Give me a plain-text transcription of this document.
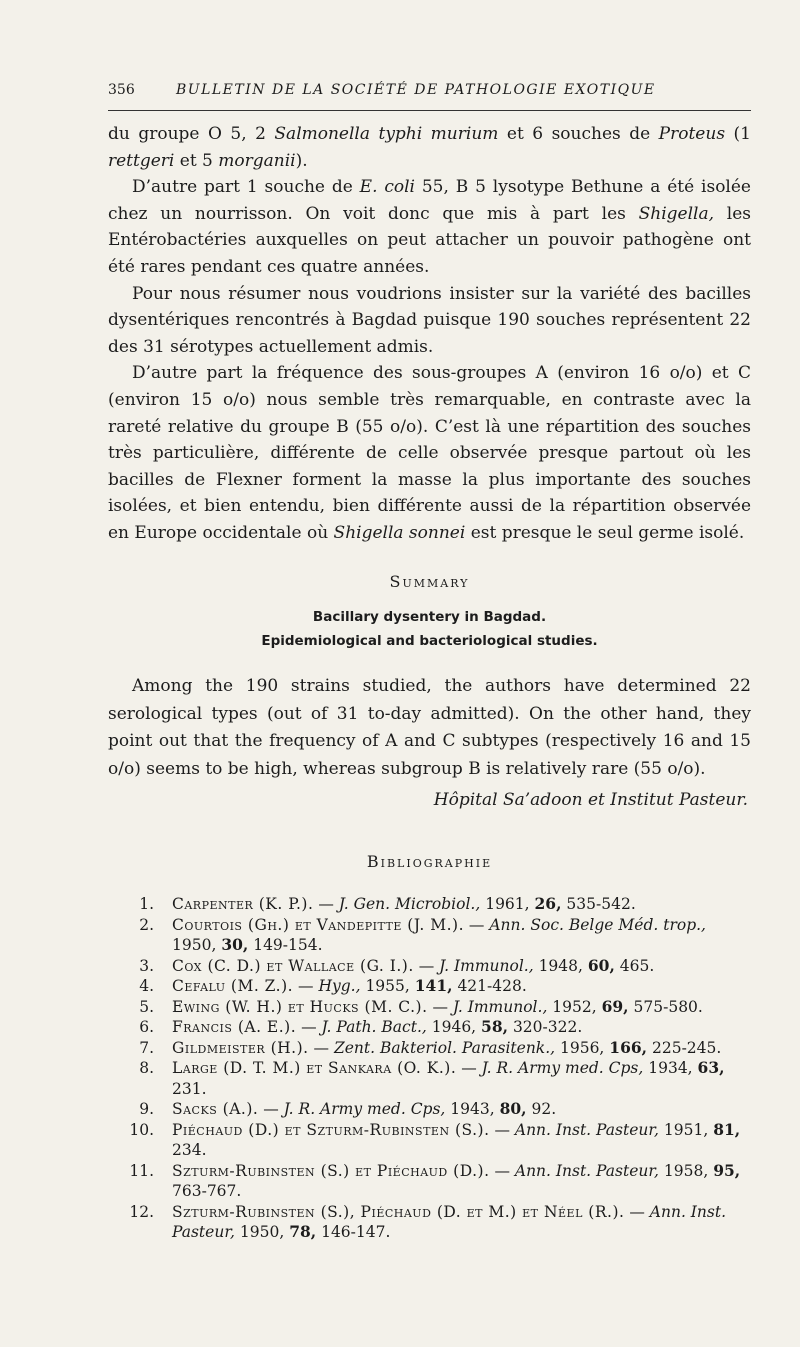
356	BULLETIN DE LA SOCIÉTÉ DE PATHOLOGIE EXOTIQUE

du groupe O 5, 2 Salmonella typhi murium et 6 souches de Proteus (1 rettgeri et 5 morganii).

D’autre part 1 souche de E. coli 55, B 5 lysotype Bethune a été isolée chez un nourrisson. On voit donc que mis à part les Shigella, les Entérobactéries auxquelles on peut attacher un pouvoir pathogène ont été rares pendant ces quatre années.

Pour nous résumer nous voudrions insister sur la variété des bacilles dysentériques rencontrés à Bagdad puisque 190 souches représentent 22 des 31 sérotypes actuellement admis.

D’autre part la fréquence des sous-groupes A (environ 16 o/o) et C (environ 15 o/o) nous semble très remarquable, en contraste avec la rareté relative du groupe B (55 o/o). C’est là une répartition des souches très particulière, différente de celle observée presque partout où les bacilles de Flexner forment la masse la plus importante des souches isolées, et bien entendu, bien différente aussi de la répartition observée en Europe occidentale où Shigella sonnei est presque le seul germe isolé.

Summary
Bacillary dysentery in Bagdad.
Epidemiological and bacteriological studies.

Among the 190 strains studied, the authors have determined 22 serological types (out of 31 to-day admitted). On the other hand, they point out that the frequency of A and C subtypes (respectively 16 and 15 o/o) seems to be high, whereas subgroup B is relatively rare (55 o/o).

Hôpital Sa’adoon et Institut Pasteur.
Bibliographie
1. Carpenter (K. P.). — J. Gen. Microbiol., 1961, 26, 535-542.
2. Courtois (Gh.) et Vandepitte (J. M.). — Ann. Soc. Belge Méd. trop., 1950, 30, 149-154.
3. Cox (C. D.) et Wallace (G. I.). — J. Immunol., 1948, 60, 465.
4. Cefalu (M. Z.). — Hyg., 1955, 141, 421-428.
5. Ewing (W. H.) et Hucks (M. C.). — J. Immunol., 1952, 69, 575-580.
6. Francis (A. E.). — J. Path. Bact., 1946, 58, 320-322.
7. Gildmeister (H.). — Zent. Bakteriol. Parasitenk., 1956, 166, 225-245.
8. Large (D. T. M.) et Sankara (O. K.). — J. R. Army med. Cps, 1934, 63, 231.
9. Sacks (A.). — J. R. Army med. Cps, 1943, 80, 92.
10. Piéchaud (D.) et Szturm-Rubinsten (S.). — Ann. Inst. Pasteur, 1951, 81, 234.
11. Szturm-Rubinsten (S.) et Piéchaud (D.). — Ann. Inst. Pasteur, 1958, 95, 763-767.
12. Szturm-Rubinsten (S.), Piéchaud (D. et M.) et Néel (R.). — Ann. Inst. Pasteur, 1950, 78, 146-147.
